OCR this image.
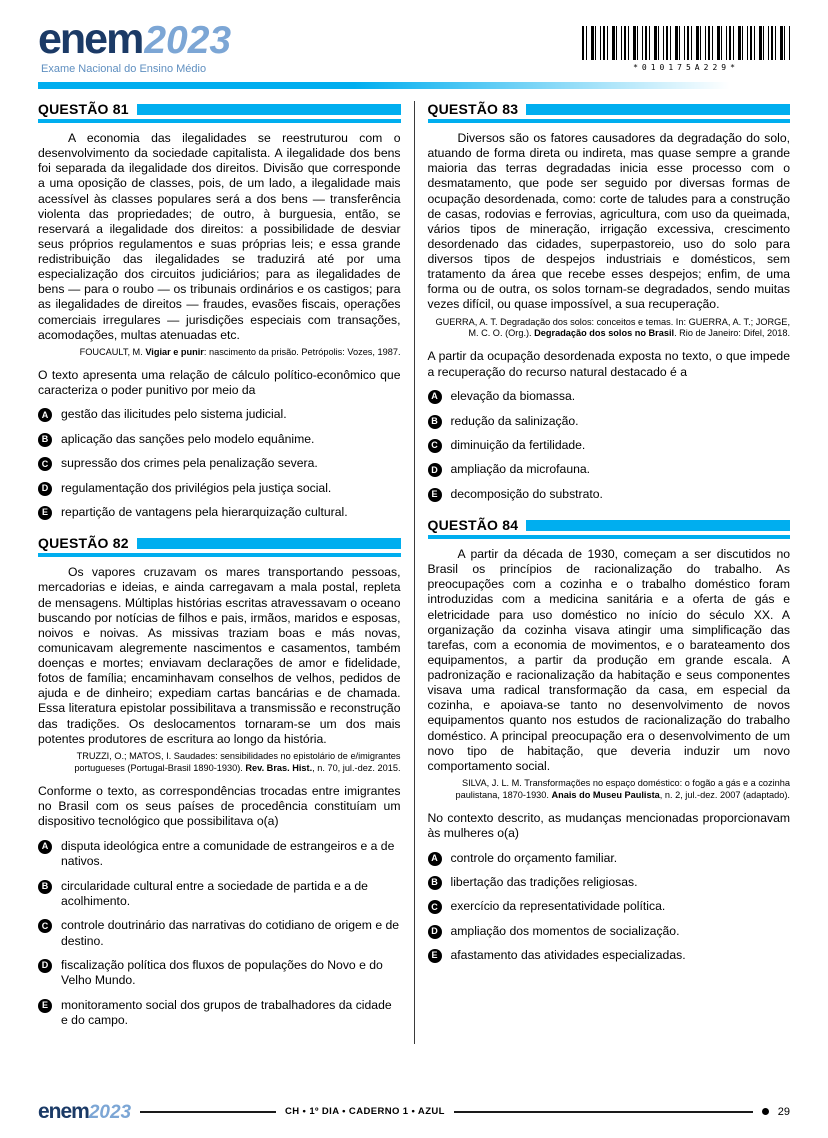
enem2023
Exame Nacional do Ensino Médio	*010175A229*
QUESTÃO 81

A economia das ilegalidades se reestruturou com o desenvolvimento da sociedade capitalista. A ilegalidade dos bens foi separada da ilegalidade dos direitos. Divisão que corresponde a uma oposição de classes, pois, de um lado, a ilegalidade mais acessível às classes populares será a dos bens — transferência violenta das propriedades; de outro, à burguesia, então, se reservará a ilegalidade dos direitos: a possibilidade de desviar seus próprios regulamentos e suas próprias leis; e essa grande redistribuição das ilegalidades se traduzirá até por uma especialização dos circuitos judiciários; para as ilegalidades de bens — para o roubo — os tribunais ordinários e os castigos; para as ilegalidades de direitos — fraudes, evasões fiscais, operações comerciais irregulares — jurisdições especiais com transações, acomodações, multas atenuadas etc.

FOUCAULT, M. Vigiar e punir: nascimento da prisão. Petrópolis: Vozes, 1987.

O texto apresenta uma relação de cálculo político-econômico que caracteriza o poder punitivo por meio da

A	gestão das ilicitudes pelo sistema judicial.
B	aplicação das sanções pelo modelo equânime.
C	supressão dos crimes pela penalização severa.
D	regulamentação dos privilégios pela justiça social.
E	repartição de vantagens pela hierarquização cultural.
QUESTÃO 82

Os vapores cruzavam os mares transportando pessoas, mercadorias e ideias, e ainda carregavam a mala postal, repleta de mensagens. Múltiplas histórias escritas atravessavam o oceano buscando por notícias de filhos e pais, irmãos, maridos e esposas, noivos e noivas. As missivas traziam boas e más novas, comunicavam alegremente nascimentos e casamentos, também doenças e mortes; enviavam declarações de amor e fidelidade, fotos de família; encaminhavam conselhos de velhos, pedidos de ajuda e de dinheiro; expediam cartas bancárias e de chamada. Essa literatura epistolar possibilitava a transmissão e reconstrução das tradições. Os deslocamentos tornaram-se um dos mais potentes produtores de escritura ao longo da história.

TRUZZI, O.; MATOS, I. Saudades: sensibilidades no epistolário de e/imigrantes portugueses (Portugal-Brasil 1890-1930). Rev. Bras. Hist., n. 70, jul.-dez. 2015.

Conforme o texto, as correspondências trocadas entre imigrantes no Brasil com os seus países de procedência constituíam um dispositivo tecnológico que possibilitava o(a)

A	disputa ideológica entre a comunidade de estrangeiros e a de nativos.
B	circularidade cultural entre a sociedade de partida e a de acolhimento.
C	controle doutrinário das narrativas do cotidiano de origem e de destino.
D	fiscalização política dos fluxos de populações do Novo e do Velho Mundo.
E	monitoramento social dos grupos de trabalhadores da cidade e do campo.
QUESTÃO 83

Diversos são os fatores causadores da degradação do solo, atuando de forma direta ou indireta, mas quase sempre a grande maioria das terras degradadas inicia esse processo com o desmatamento, que pode ser seguido por diversas formas de ocupação desordenada, como: corte de taludes para a construção de casas, rodovias e ferrovias, agricultura, com uso da queimada, vários tipos de mineração, irrigação excessiva, crescimento desordenado das cidades, superpastoreio, uso do solo para diversos tipos de despejos industriais e domésticos, sem tratamento da área que recebe esses despejos; enfim, de uma forma ou de outra, os solos tornam-se degradados, sendo muitas vezes difícil, ou quase impossível, a sua recuperação.

GUERRA, A. T. Degradação dos solos: conceitos e temas. In: GUERRA, A. T.; JORGE, M. C. O. (Org.). Degradação dos solos no Brasil. Rio de Janeiro: Difel, 2018.

A partir da ocupação desordenada exposta no texto, o que impede a recuperação do recurso natural destacado é a

A	elevação da biomassa.
B	redução da salinização.
C	diminuição da fertilidade.
D	ampliação da microfauna.
E	decomposição do substrato.
QUESTÃO 84

A partir da década de 1930, começam a ser discutidos no Brasil os princípios de racionalização do trabalho. As preocupações com a cozinha e o trabalho doméstico foram introduzidas com a medicina sanitária e a oferta de gás e eletricidade para uso doméstico no início do século XX. A organização da cozinha visava atingir uma simplificação das tarefas, com a economia de movimentos, e o barateamento dos equipamentos, a partir da produção em grande escala. A padronização e racionalização da habitação e seus componentes visava uma radical transformação da casa, em especial da cozinha, e apoiava-se tanto no desenvolvimento de novos equipamentos quanto nos estudos de racionalização do trabalho doméstico. A principal preocupação era o desenvolvimento de um novo tipo de habitação, que deveria induzir um novo comportamento social.

SILVA, J. L. M. Transformações no espaço doméstico: o fogão a gás e a cozinha paulistana, 1870-1930. Anais do Museu Paulista, n. 2, jul.-dez. 2007 (adaptado).

No contexto descrito, as mudanças mencionadas proporcionavam às mulheres o(a)

A	controle do orçamento familiar.
B	libertação das tradições religiosas.
C	exercício da representatividade política.
D	ampliação dos momentos de socialização.
E	afastamento das atividades especializadas.
enem2023	CH • 1º DIA • CADERNO 1 • AZUL	29
